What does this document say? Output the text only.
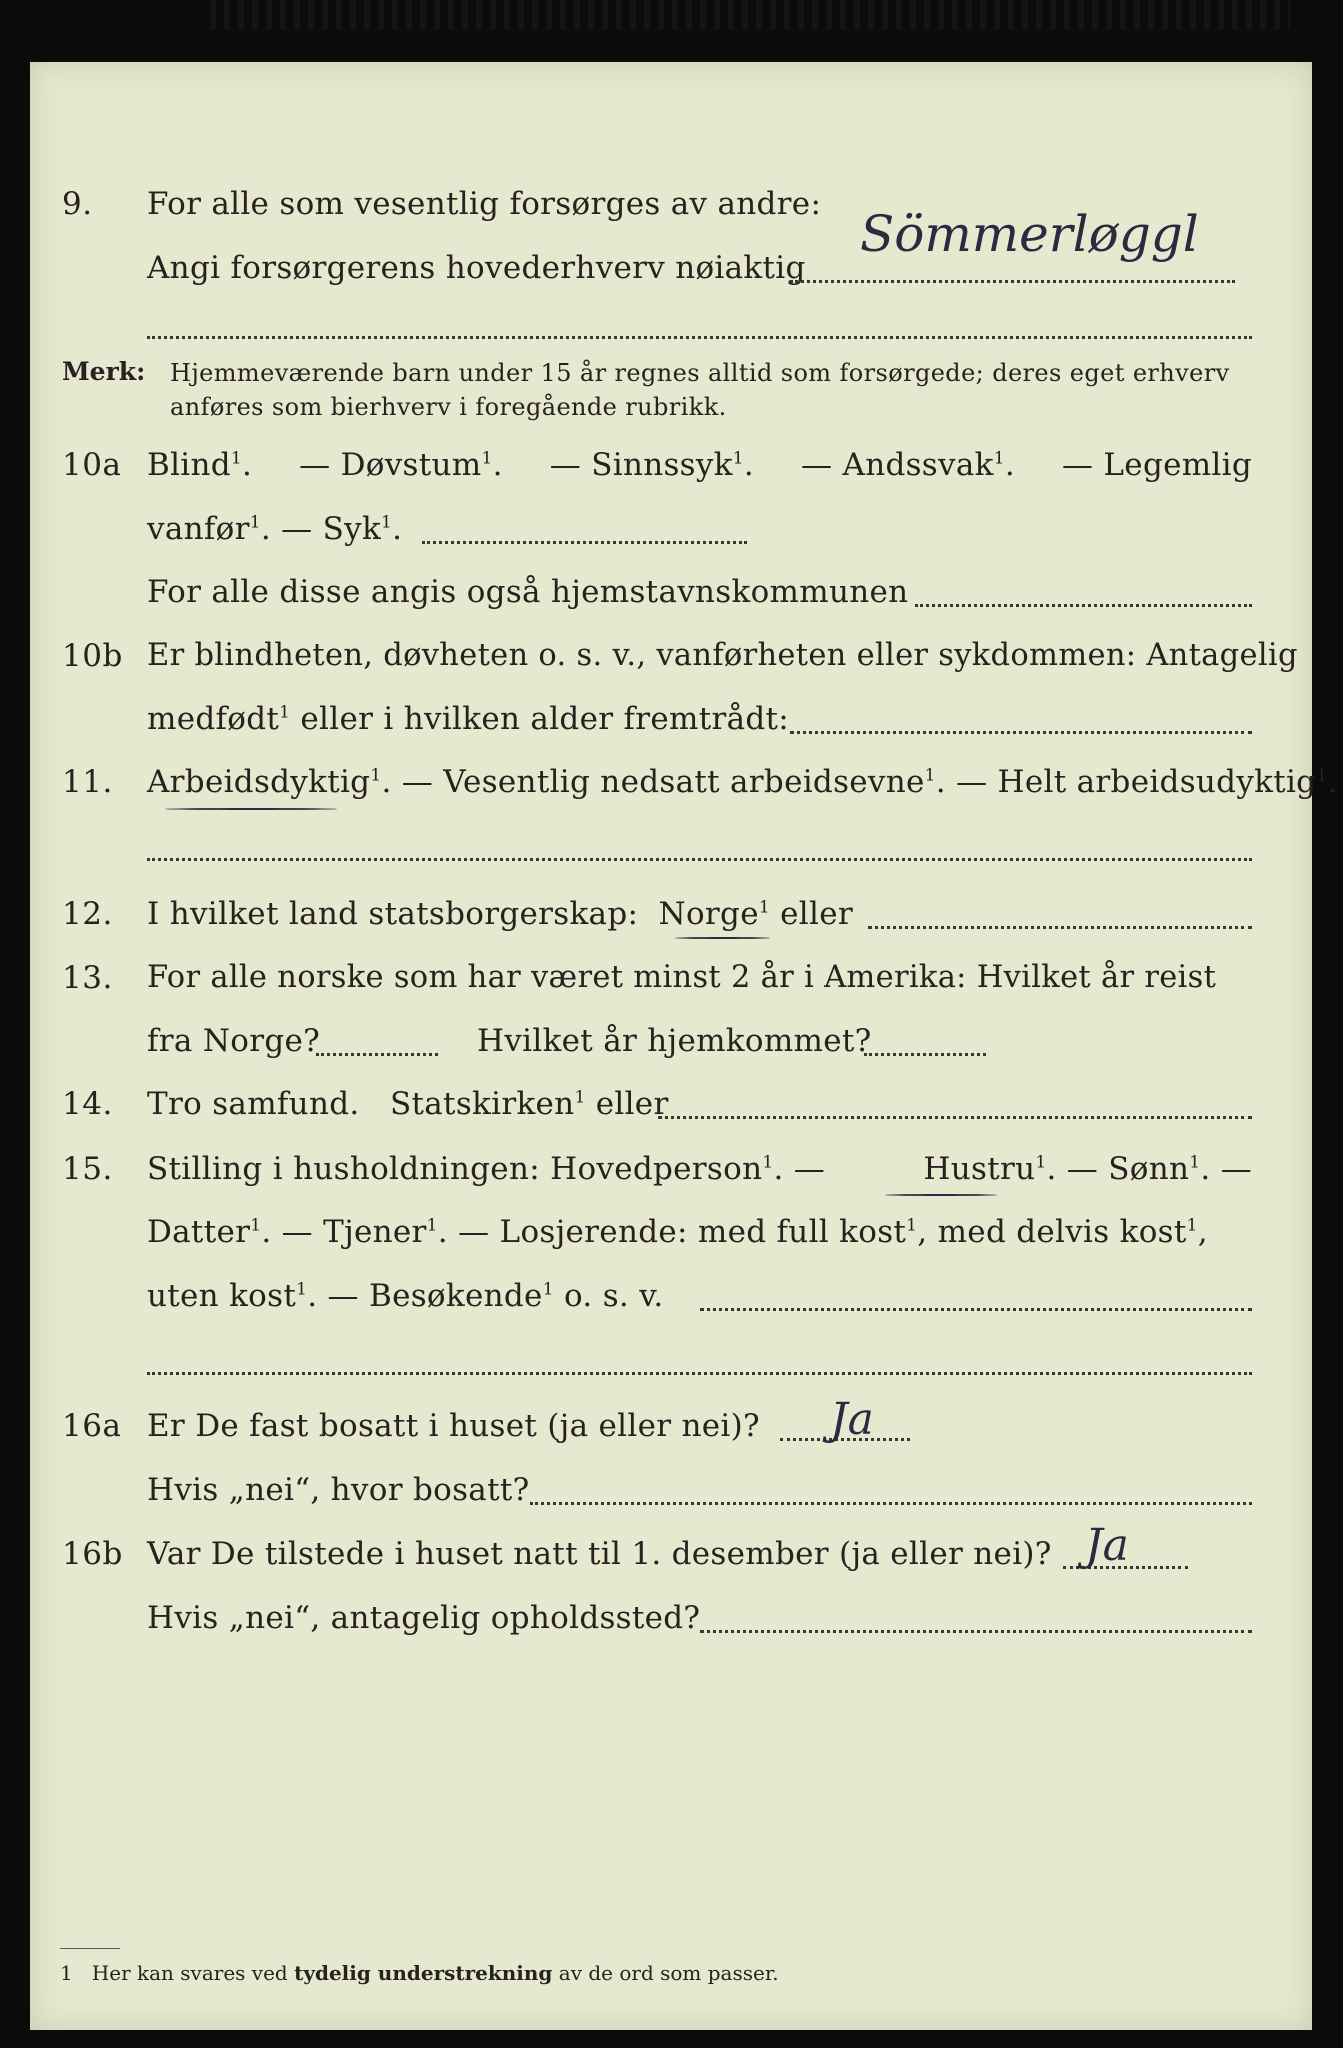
9. For alle som vesentlig forsørges av andre:
Angi forsørgerens hovederhverv nøiaktig
Sömmerløggl
Merk: Hjemmeværende barn under 15 år regnes alltid som forsørgede; deres eget erhverv
anføres som bierhverv i foregående rubrikk.
10a Blind$^1$. — Døvstum$^1$. — Sinnssyk$^1$. — Andssvak$^1$. — Legemlig
vanfør$^1$. — Syk$^1$.
For alle disse angis også hjemstavnskommunen
10b Er blindheten, døvheten o. s. v., vanførheten eller sykdommen: Antagelig
medfødt$^1$ eller i hvilken alder fremtrådt:
11. Arbeidsdyktig$^1$. — Vesentlig nedsatt arbeidsevne$^1$. — Helt arbeidsudyktig$^1$.
12. I hvilket land statsborgerskap: Norge$^1$ eller
13. For alle norske som har været minst 2 år i Amerika: Hvilket år reist
fra Norge?	Hvilket år hjemkommet?
14. Tro samfund. Statskirken$^1$ eller
15. Stilling i husholdningen: Hovedperson$^1$. —	Hustru$^1$. — Sønn$^1$. —
Datter$^1$. — Tjener$^1$. — Losjerende: med full kost$^1$, med delvis kost$^1$,
uten kost$^1$. — Besøkende$^1$ o. s. v.
16a Er De fast bosatt i huset (ja eller nei)? Ja
Hvis „nei“, hvor bosatt?
16b Var De tilstede i huset natt til 1. desember (ja eller nei)? Ja
Hvis „nei“, antagelig opholdssted?
1 Her kan svares ved tydelig understrekning av de ord som passer.
